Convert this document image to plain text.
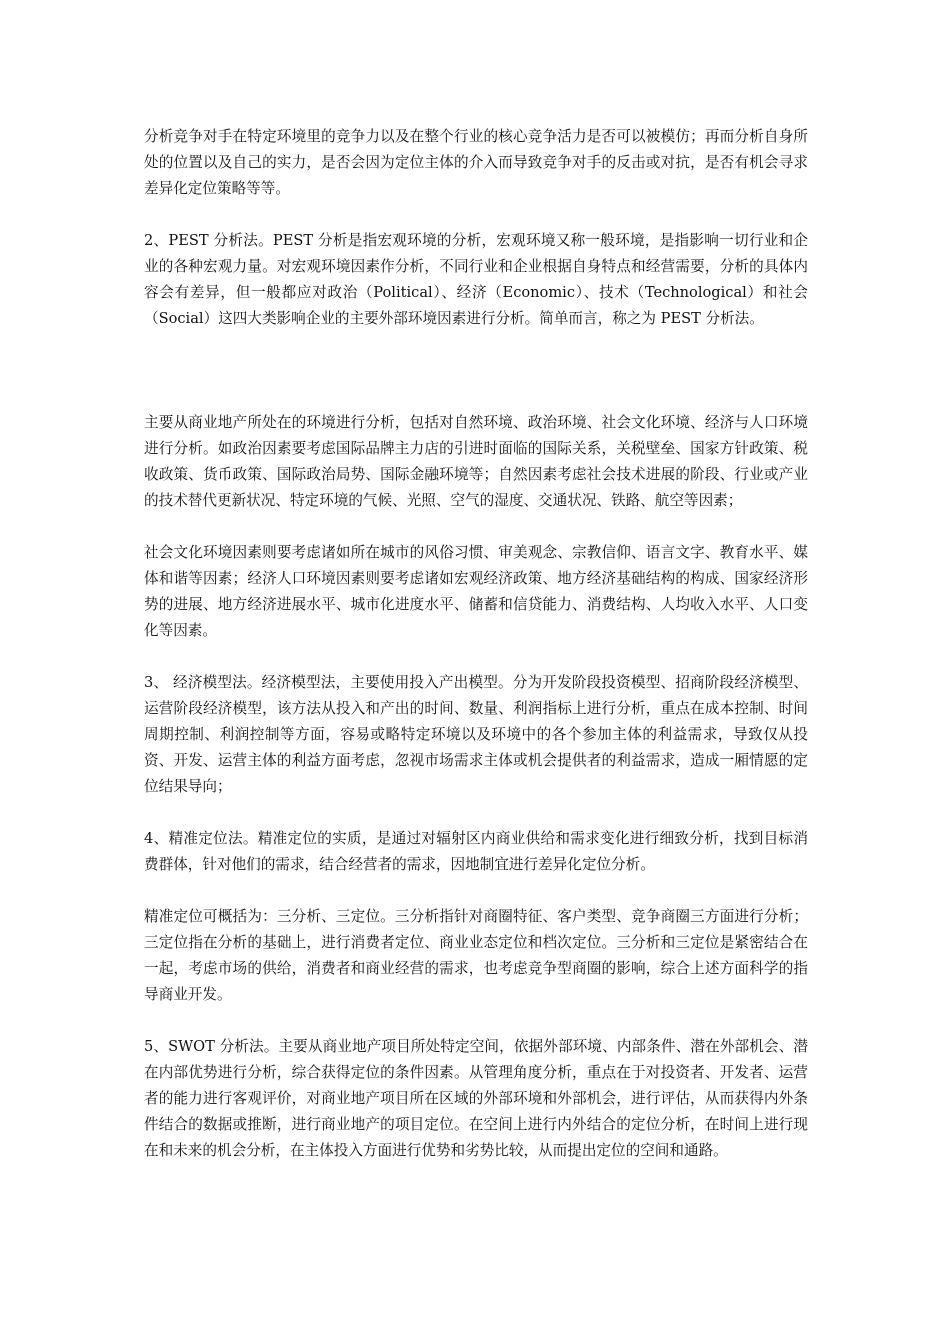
分析竞争对手在特定环境里的竞争力以及在整个行业的核心竞争活力是否可以被模仿；再而分析自身所处的位置以及自己的实力，是否会因为定位主体的介入而导致竞争对手的反击或对抗，是否有机会寻求差异化定位策略等等。

2、PEST 分析法。PEST 分析是指宏观环境的分析，宏观环境又称一般环境，是指影响一切行业和企业的各种宏观力量。对宏观环境因素作分析，不同行业和企业根据自身特点和经营需要，分析的具体内容会有差异，但一般都应对政治（Political）、经济（Economic）、技术（Technological）和社会（Social）这四大类影响企业的主要外部环境因素进行分析。简单而言，称之为 PEST 分析法。

主要从商业地产所处在的环境进行分析，包括对自然环境、政治环境、社会文化环境、经济与人口环境进行分析。如政治因素要考虑国际品牌主力店的引进时面临的国际关系，关税壁垒、国家方针政策、税收政策、货币政策、国际政治局势、国际金融环境等；自然因素考虑社会技术进展的阶段、行业或产业的技术替代更新状况、特定环境的气候、光照、空气的湿度、交通状况、铁路、航空等因素；

社会文化环境因素则要考虑诸如所在城市的风俗习惯、审美观念、宗教信仰、语言文字、教育水平、媒体和谐等因素；经济人口环境因素则要考虑诸如宏观经济政策、地方经济基础结构的构成、国家经济形势的进展、地方经济进展水平、城市化进度水平、储蓄和信贷能力、消费结构、人均收入水平、人口变化等因素。

3、 经济模型法。经济模型法，主要使用投入产出模型。分为开发阶段投资模型、招商阶段经济模型、运营阶段经济模型，该方法从投入和产出的时间、数量、利润指标上进行分析，重点在成本控制、时间周期控制、利润控制等方面，容易或略特定环境以及环境中的各个参加主体的利益需求，导致仅从投资、开发、运营主体的利益方面考虑，忽视市场需求主体或机会提供者的利益需求，造成一厢情愿的定位结果导向；

4、精准定位法。精准定位的实质，是通过对辐射区内商业供给和需求变化进行细致分析，找到目标消费群体，针对他们的需求，结合经营者的需求，因地制宜进行差异化定位分析。

精准定位可概括为：三分析、三定位。三分析指针对商圈特征、客户类型、竞争商圈三方面进行分析；三定位指在分析的基础上，进行消费者定位、商业业态定位和档次定位。三分析和三定位是紧密结合在一起，考虑市场的供给，消费者和商业经营的需求，也考虑竞争型商圈的影响，综合上述方面科学的指导商业开发。

5、SWOT 分析法。主要从商业地产项目所处特定空间，依据外部环境、内部条件、潜在外部机会、潜在内部优势进行分析，综合获得定位的条件因素。从管理角度分析，重点在于对投资者、开发者、运营者的能力进行客观评价，对商业地产项目所在区域的外部环境和外部机会，进行评估，从而获得内外条件结合的数据或推断，进行商业地产的项目定位。在空间上进行内外结合的定位分析，在时间上进行现在和未来的机会分析，在主体投入方面进行优势和劣势比较，从而提出定位的空间和通路。
